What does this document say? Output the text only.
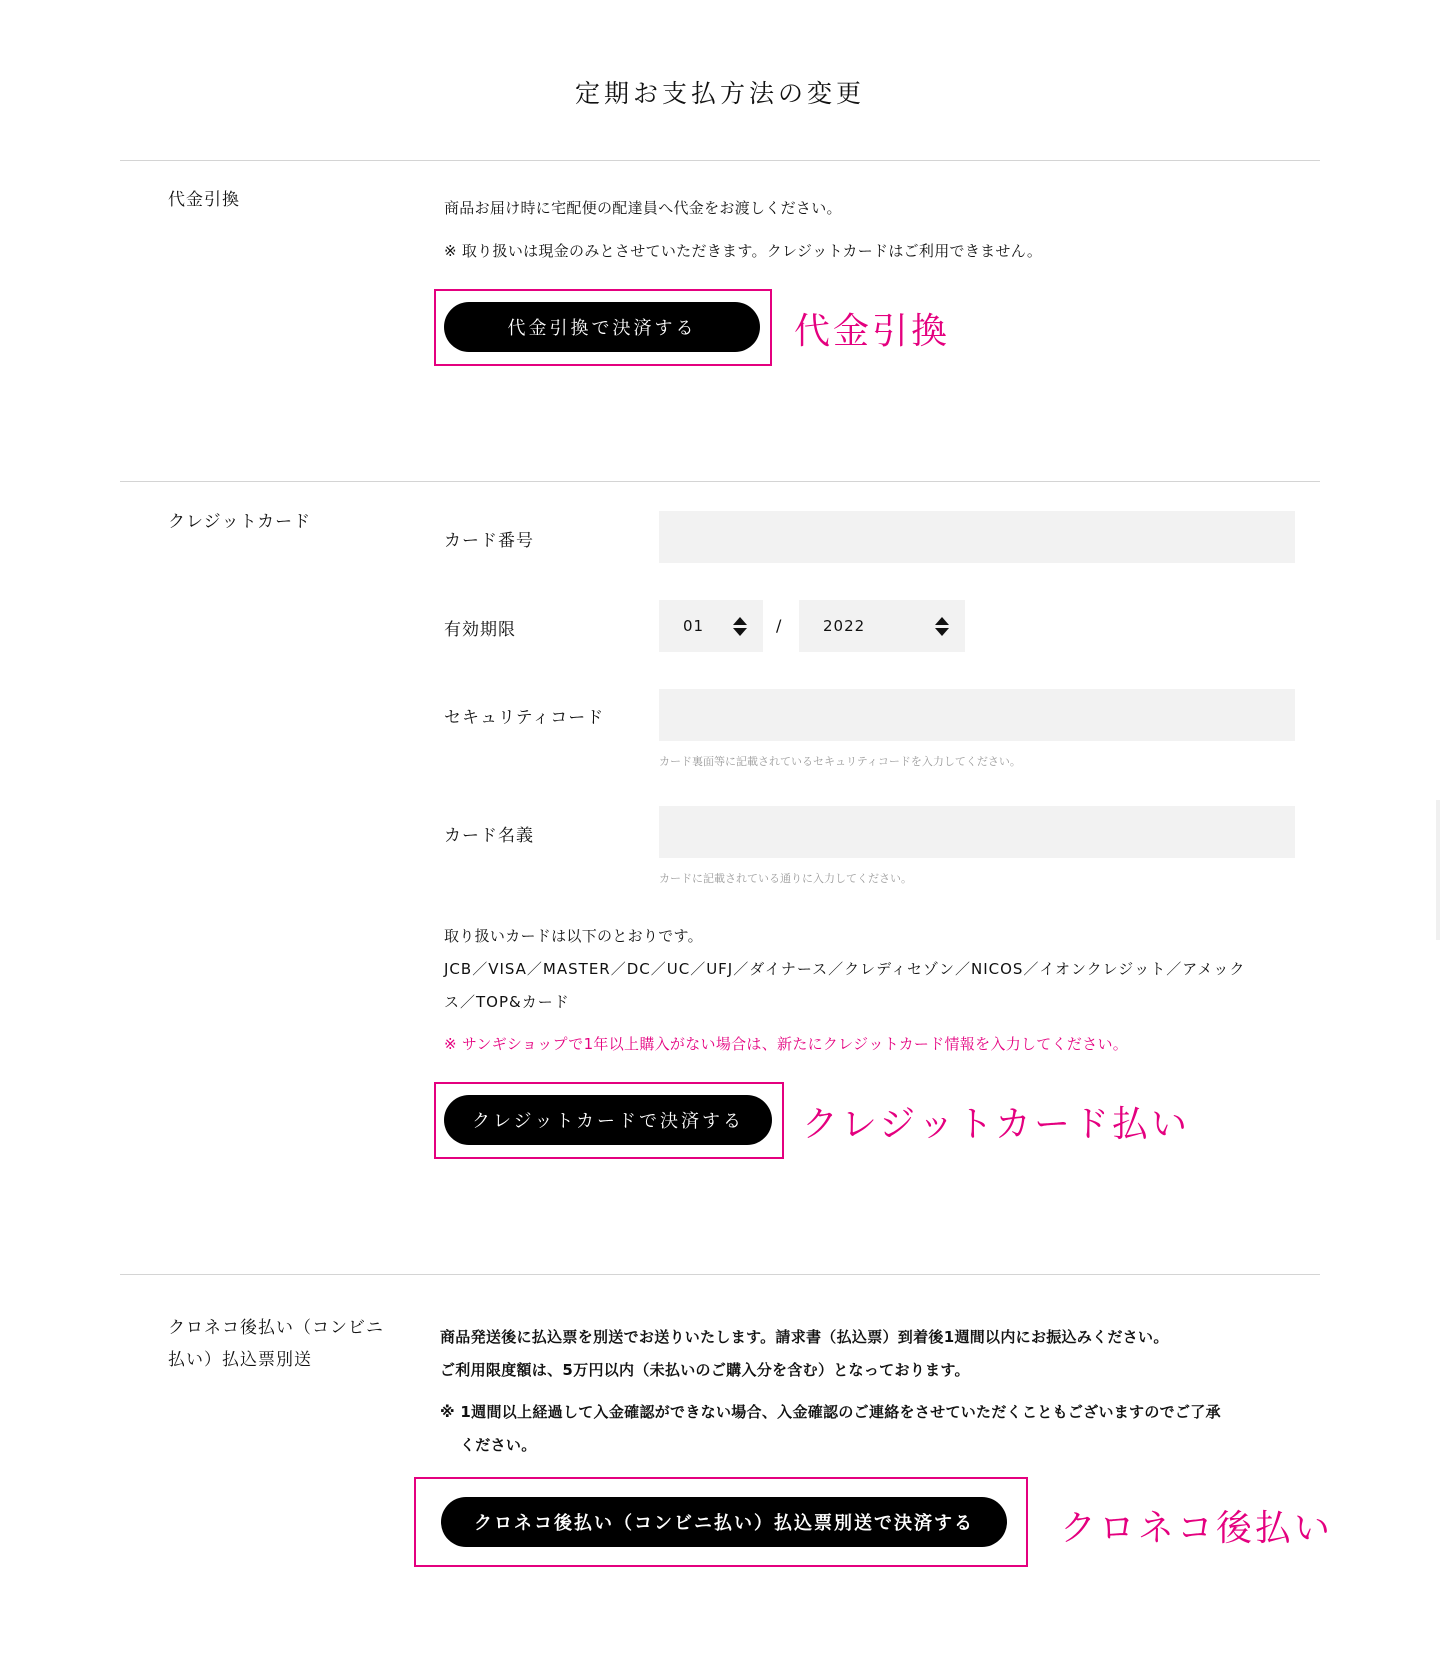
定期お支払方法の変更
代金引換	商品お届け時に宅配便の配達員へ代金をお渡しください。
※ 取り扱いは現金のみとさせていただきます。クレジットカードはご利用できません。
代金引換で決済する	代金引換
クレジットカード
カード番号
有効期限	01	/	2022
セキュリティコード
カード裏面等に記載されているセキュリティコードを入力してください。
カード名義
カードに記載されている通りに入力してください。
取り扱いカードは以下のとおりです。
JCB／VISA／MASTER／DC／UC／UFJ／ダイナース／クレディセゾン／NICOS／イオンクレジット／アメック
ス／TOP&カード
※ サンギショップで1年以上購入がない場合は、新たにクレジットカード情報を入力してください。
クレジットカードで決済する	クレジットカード払い
クロネコ後払い（コンビニ
払い）払込票別送
商品発送後に払込票を別送でお送りいたします。請求書（払込票）到着後1週間以内にお振込みください。
ご利用限度額は、5万円以内（未払いのご購入分を含む）となっております。
※ 1週間以上経過して入金確認ができない場合、入金確認のご連絡をさせていただくこともございますのでご了承
ください。
クロネコ後払い（コンビニ払い）払込票別送で決済する	クロネコ後払い
